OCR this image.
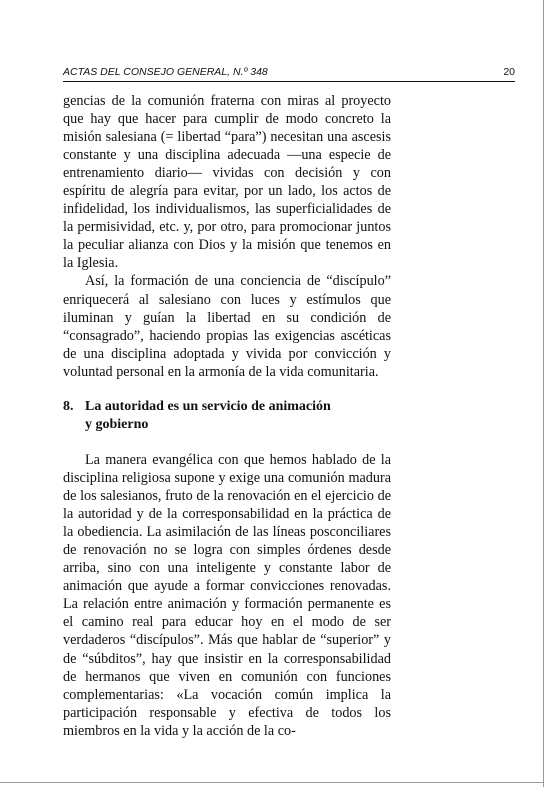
ACTAS DEL CONSEJO GENERAL, N.º 348	20

gencias de la comunión fraterna con miras al proyecto que hay que hacer para cumplir de modo concreto la misión salesiana (= libertad “para”) necesitan una ascesis constante y una disciplina adecuada —una especie de entrenamiento diario— vividas con decisión y con espíritu de alegría para evitar, por un lado, los actos de infidelidad, los individualismos, las superficialidades de la permisividad, etc. y, por otro, para promocionar juntos la peculiar alianza con Dios y la misión que tenemos en la Iglesia.

Así, la formación de una conciencia de “discípulo” enriquecerá al salesiano con luces y estímulos que iluminan y guían la libertad en su condición de “consagrado”, haciendo propias las exigencias ascéticas de una disciplina adoptada y vivida por convicción y voluntad personal en la armonía de la vida comunitaria.

8. La autoridad es un servicio de animación
y gobierno

La manera evangélica con que hemos hablado de la disciplina religiosa supone y exige una comunión madura de los salesianos, fruto de la renovación en el ejercicio de la autoridad y de la corresponsabilidad en la práctica de la obediencia. La asimilación de las líneas posconciliares de renovación no se logra con simples órdenes desde arriba, sino con una inteligente y constante labor de animación que ayude a formar convicciones renovadas. La relación entre animación y formación permanente es el camino real para educar hoy en el modo de ser verdaderos “discípulos”. Más que hablar de “superior” y de “súbditos”, hay que insistir en la corresponsabilidad de hermanos que viven en comunión con funciones complementarias: «La vocación común implica la participación responsable y efectiva de todos los miembros en la vida y la acción de la co-
